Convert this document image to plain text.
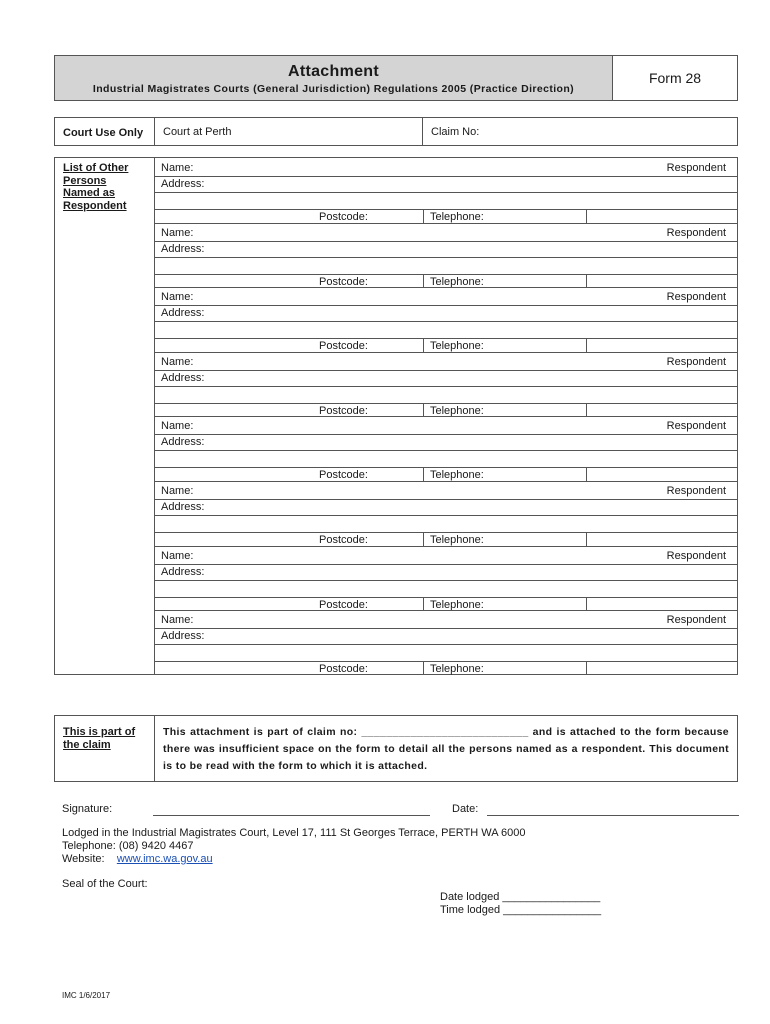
Attachment
Industrial Magistrates Courts (General Jurisdiction) Regulations 2005 (Practice Direction)
Form 28
Court Use Only	Court at Perth	Claim No:
List of Other
Persons
Named as
Respondent
Name:	Respondent
Address:
Postcode:	Telephone:
Name:	Respondent
Address:
Postcode:	Telephone:
Name:	Respondent
Address:
Postcode:	Telephone:
Name:	Respondent
Address:
Postcode:	Telephone:
Name:	Respondent
Address:
Postcode:	Telephone:
Name:	Respondent
Address:
Postcode:	Telephone:
Name:	Respondent
Address:
Postcode:	Telephone:
Name:	Respondent
Address:
Postcode:	Telephone:
This is part of
the claim
This attachment is part of claim no: ___________________________ and is attached to the form because there was insufficient space on the form to detail all the persons named as a respondent. This document is to be read with the form to which it is attached.
Signature:	Date:
Lodged in the Industrial Magistrates Court, Level 17, 111 St Georges Terrace, PERTH WA 6000
Telephone: (08) 9420 4467
Website: www.imc.wa.gov.au
Seal of the Court:
Date lodged ________________
Time lodged ________________
IMC 1/6/2017
